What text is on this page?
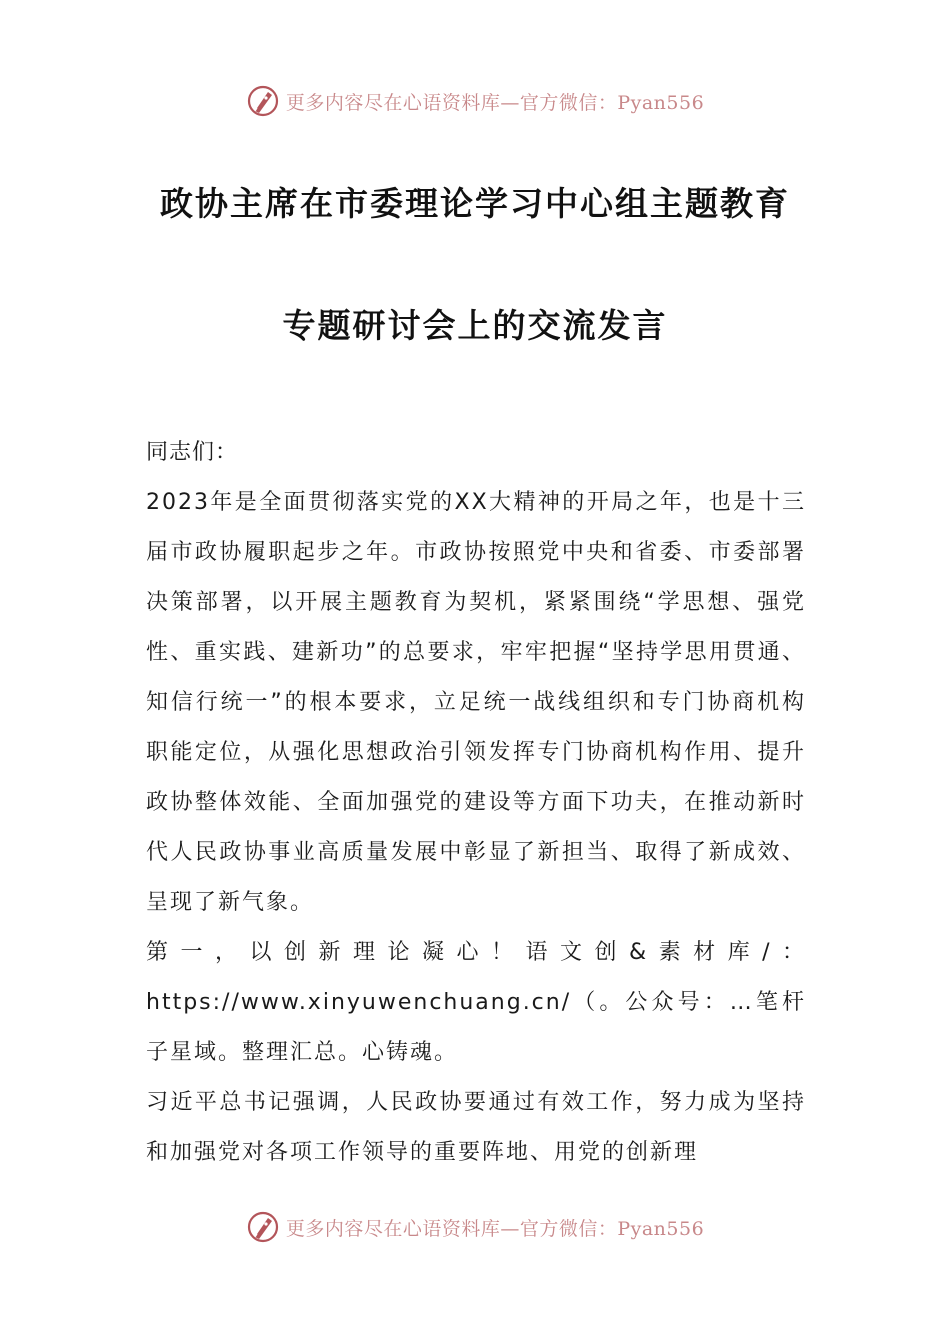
更多内容尽在心语资料库—官方微信：Pyan556
政协主席在市委理论学习中心组主题教育
专题研讨会上的交流发言

同志们：

2023年是全面贯彻落实党的XX大精神的开局之年，也是十三届市政协履职起步之年。市政协按照党中央和省委、市委部署决策部署，以开展主题教育为契机，紧紧围绕“学思想、强党性、重实践、建新功”的总要求，牢牢把握“坚持学思用贯通、知信行统一”的根本要求，立足统一战线组织和专门协商机构职能定位，从强化思想政治引领发挥专门协商机构作用、提升政协整体效能、全面加强党的建设等方面下功夫，在推动新时代人民政协事业高质量发展中彰显了新担当、取得了新成效、呈现了新气象。

第一，以创新理论凝心！语文创&素材库/：https://www.xinyuwenchuang.cn/（。公众号：…笔杆子星域。整理汇总。心铸魂。

习近平总书记强调，人民政协要通过有效工作，努力成为坚持和加强党对各项工作领导的重要阵地、用党的创新理

更多内容尽在心语资料库—官方微信：Pyan556
